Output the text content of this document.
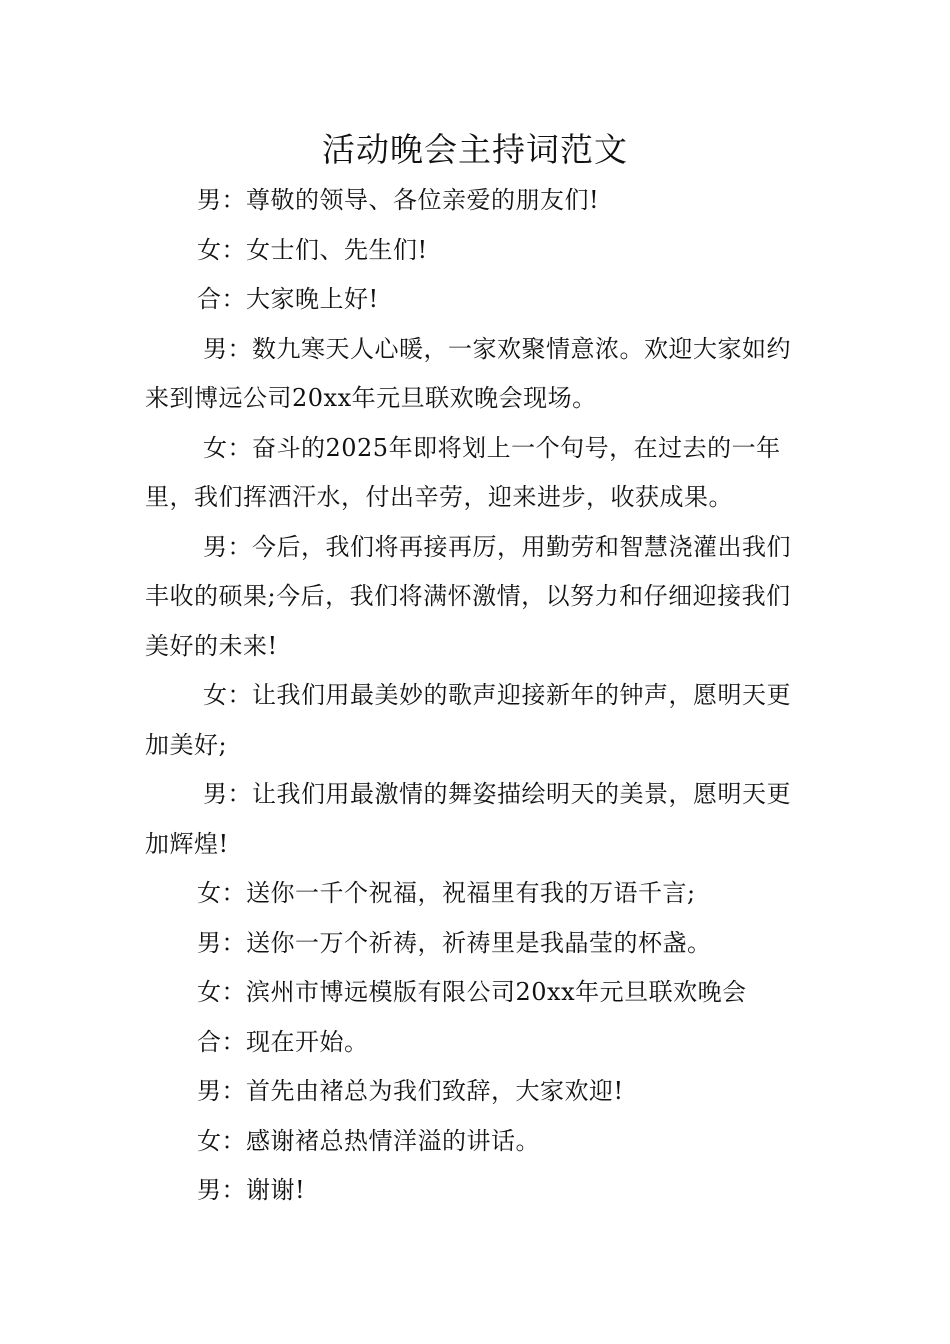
活动晚会主持词范文

男：尊敬的领导、各位亲爱的朋友们!

女：女士们、先生们!

合：大家晚上好!

男：数九寒天人心暖，一家欢聚情意浓。欢迎大家如约来到博远公司20xx年元旦联欢晚会现场。

女：奋斗的2025年即将划上一个句号，在过去的一年里，我们挥洒汗水，付出辛劳，迎来进步，收获成果。

男：今后，我们将再接再厉，用勤劳和智慧浇灌出我们丰收的硕果;今后，我们将满怀激情，以努力和仔细迎接我们美好的未来!

女：让我们用最美妙的歌声迎接新年的钟声，愿明天更加美好;

男：让我们用最激情的舞姿描绘明天的美景，愿明天更加辉煌!

女：送你一千个祝福，祝福里有我的万语千言;

男：送你一万个祈祷，祈祷里是我晶莹的杯盏。

女：滨州市博远模版有限公司20xx年元旦联欢晚会

合：现在开始。

男：首先由褚总为我们致辞，大家欢迎!

女：感谢褚总热情洋溢的讲话。

男：谢谢!
